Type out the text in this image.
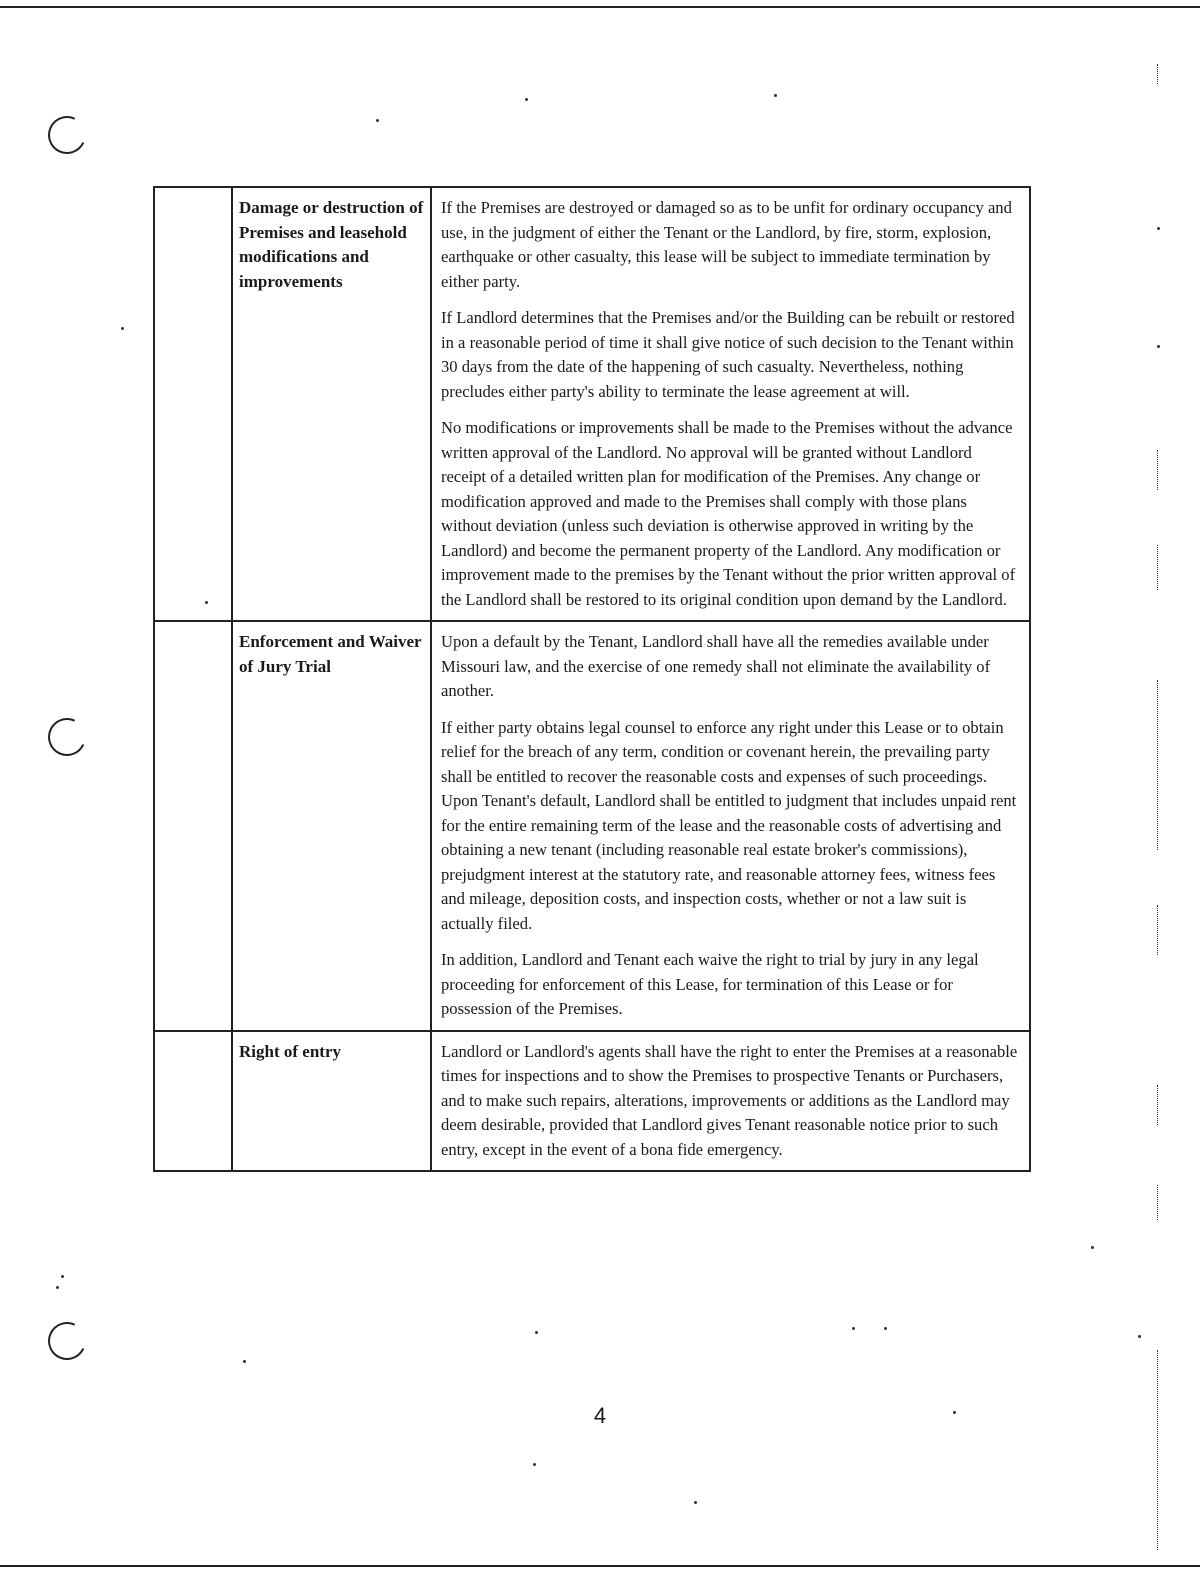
	Damage or destruction of Premises and leasehold modifications and improvements	If the Premises are destroyed or damaged so as to be unfit for ordinary occupancy and use, in the judgment of either the Tenant or the Landlord, by fire, storm, explosion, earthquake or other casualty, this lease will be subject to immediate termination by either party.

If Landlord determines that the Premises and/or the Building can be rebuilt or restored in a reasonable period of time it shall give notice of such decision to the Tenant within 30 days from the date of the happening of such casualty. Nevertheless, nothing precludes either party's ability to terminate the lease agreement at will.

No modifications or improvements shall be made to the Premises without the advance written approval of the Landlord. No approval will be granted without Landlord receipt of a detailed written plan for modification of the Premises. Any change or modification approved and made to the Premises shall comply with those plans without deviation (unless such deviation is otherwise approved in writing by the Landlord) and become the permanent property of the Landlord. Any modification or improvement made to the premises by the Tenant without the prior written approval of the Landlord shall be restored to its original condition upon demand by the Landlord.

	Enforcement and Waiver of Jury Trial	Upon a default by the Tenant, Landlord shall have all the remedies available under Missouri law, and the exercise of one remedy shall not eliminate the availability of another.

If either party obtains legal counsel to enforce any right under this Lease or to obtain relief for the breach of any term, condition or covenant herein, the prevailing party shall be entitled to recover the reasonable costs and expenses of such proceedings. Upon Tenant's default, Landlord shall be entitled to judgment that includes unpaid rent for the entire remaining term of the lease and the reasonable costs of advertising and obtaining a new tenant (including reasonable real estate broker's commissions), prejudgment interest at the statutory rate, and reasonable attorney fees, witness fees and mileage, deposition costs, and inspection costs, whether or not a law suit is actually filed.

In addition, Landlord and Tenant each waive the right to trial by jury in any legal proceeding for enforcement of this Lease, for termination of this Lease or for possession of the Premises.

	Right of entry	Landlord or Landlord's agents shall have the right to enter the Premises at a reasonable times for inspections and to show the Premises to prospective Tenants or Purchasers, and to make such repairs, alterations, improvements or additions as the Landlord may deem desirable, provided that Landlord gives Tenant reasonable notice prior to such entry, except in the event of a bona fide emergency.

4
